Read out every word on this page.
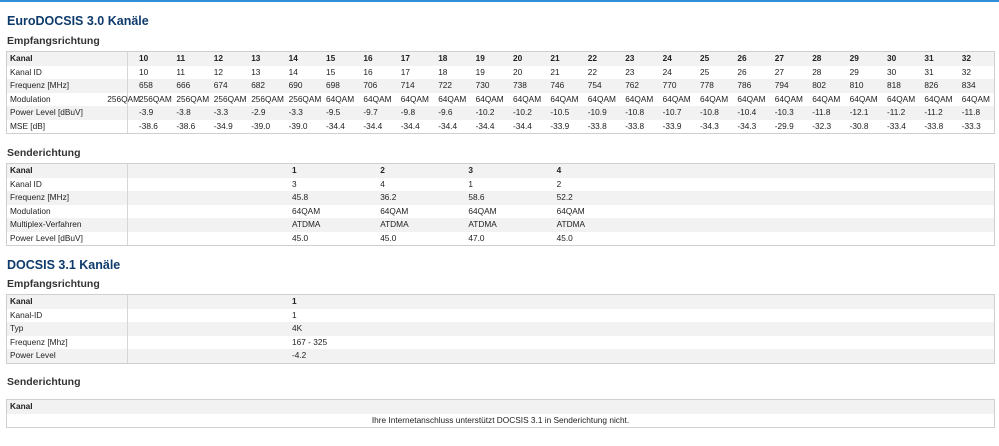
EuroDOCSIS 3.0 Kanäle
Empfangsrichtung
Kanal	10	11	12	13	14	15	16	17	18	19	20	21	22	23	24	25	26	27	28	29	30	31	32
Kanal ID	10	11	12	13	14	15	16	17	18	19	20	21	22	23	24	25	26	27	28	29	30	31	32
Frequenz [MHz]	658	666	674	682	690	698	706	714	722	730	738	746	754	762	770	778	786	794	802	810	818	826	834
Modulation	256QAM 256QAM 256QAM 256QAM 256QAM 256QAM 64QAM 64QAM 64QAM 64QAM 64QAM 64QAM 64QAM 64QAM 64QAM 64QAM 64QAM 64QAM 64QAM 64QAM 64QAM 64QAM 64QAM 64QAM
Power Level [dBuV]	-3.9	-3.8	-3.3	-2.9	-3.3	-9.5	-9.7	-9.8	-9.6	-10.2 -10.2 -10.5 -10.9 -10.8 -10.7 -10.8 -10.4 -10.3 -11.8 -12.1 -11.2 -11.2 -11.8
MSE [dB]	-38.6 -38.6 -34.9 -39.0 -39.0 -34.4 -34.4 -34.4 -34.4 -34.4 -34.4 -33.9 -33.8 -33.8 -33.9 -34.3 -34.3 -29.9 -32.3 -30.8 -33.4 -33.8 -33.3
Senderichtung
Kanal	1	2	3	4
Kanal ID	3	4	1	2
Frequenz [MHz]	45.8	36.2	58.6	52.2
Modulation	64QAM	64QAM	64QAM	64QAM
Multiplex-Verfahren	ATDMA	ATDMA	ATDMA	ATDMA
Power Level [dBuV]	45.0	45.0	47.0	45.0
DOCSIS 3.1 Kanäle
Empfangsrichtung
Kanal	1
Kanal-ID	1
Typ	4K
Frequenz [Mhz]	167 - 325
Power Level	-4.2
Senderichtung
Kanal
Ihre Internetanschluss unterstützt DOCSIS 3.1 in Senderichtung nicht.
